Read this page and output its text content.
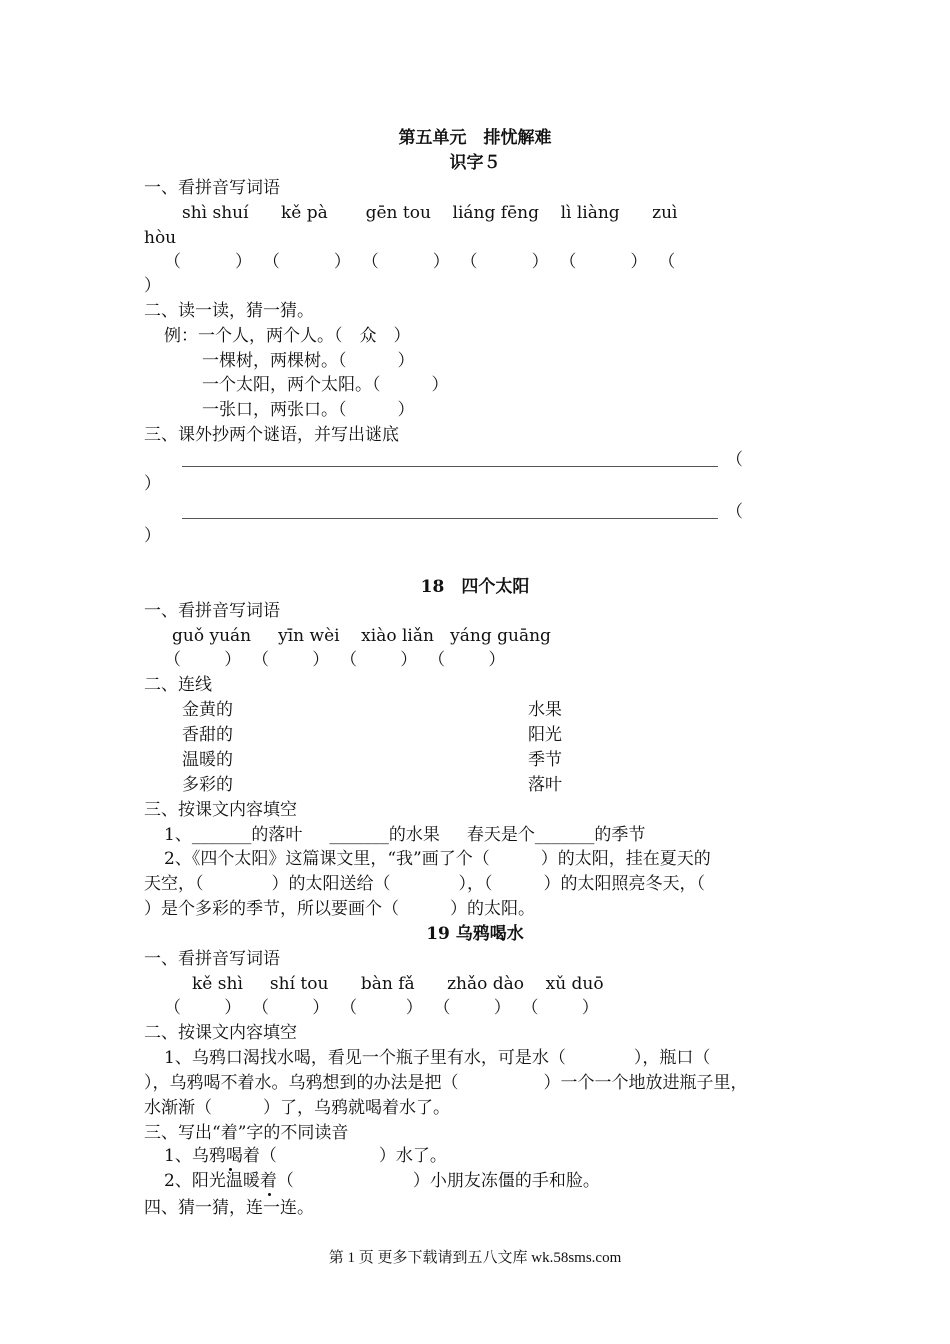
第五单元　排忧解难
识字５
一、看拼音写词语
shì shuí      kě pà       gēn tou    liáng fēng    lì liàng      zuì
hòu
（          ）  （          ）  （          ）  （          ）  （          ）  （
）
二、读一读，猜一猜。
例：一个人，两个人。（　众　）
一棵树，两棵树。（　　　）
一个太阳，两个太阳。（　　　）
一张口，两张口。（　　　）
三、课外抄两个谜语，并写出谜底
（
）
（
）
18　四个太阳
一、看拼音写词语
guǒ yuán     yīn wèi    xiào liǎn   yáng guāng
（        ）  （        ）  （        ）  （        ）
二、连线
金黄的	水果
香甜的	阳光
温暖的	季节
多彩的	落叶
三、按课文内容填空
1、_______的落叶     _______的水果     春天是个_______的季节
2、《四个太阳》这篇课文里，“我”画了个（　　　）的太阳，挂在夏天的
天空，（　　　　）的太阳送给（　　　　），（　　　）的太阳照亮冬天，（
）是个多彩的季节，所以要画个（　　　）的太阳。
19 乌鸦喝水
一、看拼音写词语
kě shì     shí tou      bàn fǎ      zhǎo dào    xǔ duō
（        ）  （        ）  （         ）  （        ）  （        ）
二、按课文内容填空
1、乌鸦口渴找水喝，看见一个瓶子里有水，可是水（　　　　），瓶口（
），乌鸦喝不着水。乌鸦想到的办法是把（　　　　　）一个一个地放进瓶子里，
水渐渐（　　　）了，乌鸦就喝着水了。
三、写出“着”字的不同读音
1、乌鸦喝着（　　　　　　）水了。
2、阳光温暖着（　　　　　　　）小朋友冻僵的手和脸。
四、猜一猜，连一连。
第 1 页 更多下载请到五八文库 wk.58sms.com
